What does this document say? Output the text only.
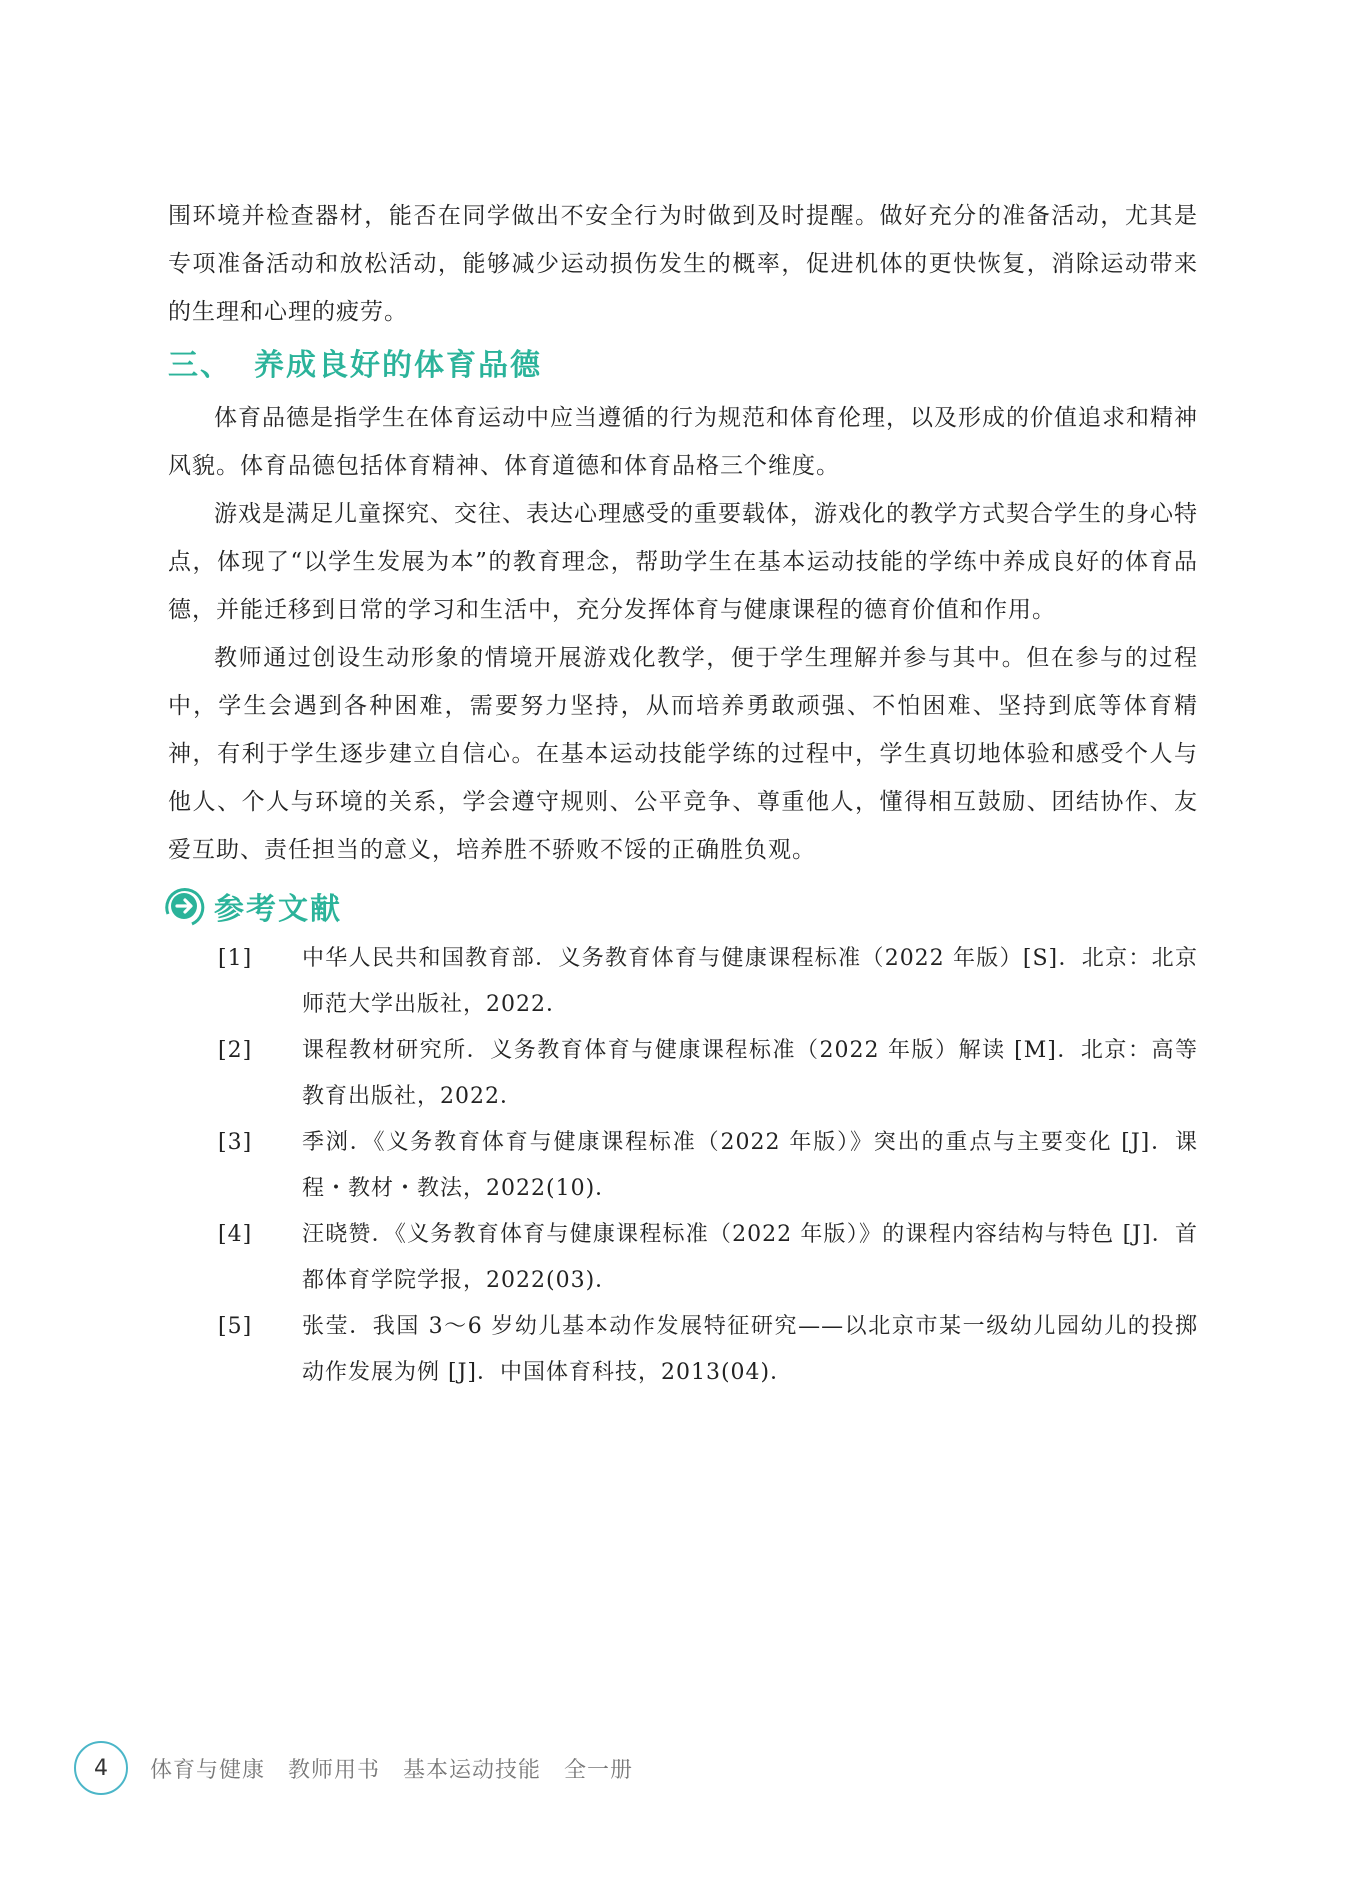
围环境并检查器材，能否在同学做出不安全行为时做到及时提醒。做好充分的准备活动，尤其是专项准备活动和放松活动，能够减少运动损伤发生的概率，促进机体的更快恢复，消除运动带来的生理和心理的疲劳。

三、 养成良好的体育品德

体育品德是指学生在体育运动中应当遵循的行为规范和体育伦理，以及形成的价值追求和精神风貌。体育品德包括体育精神、体育道德和体育品格三个维度。

游戏是满足儿童探究、交往、表达心理感受的重要载体，游戏化的教学方式契合学生的身心特点，体现了“以学生发展为本”的教育理念，帮助学生在基本运动技能的学练中养成良好的体育品德，并能迁移到日常的学习和生活中，充分发挥体育与健康课程的德育价值和作用。

教师通过创设生动形象的情境开展游戏化教学，便于学生理解并参与其中。但在参与的过程中，学生会遇到各种困难，需要努力坚持，从而培养勇敢顽强、不怕困难、坚持到底等体育精神，有利于学生逐步建立自信心。在基本运动技能学练的过程中，学生真切地体验和感受个人与他人、个人与环境的关系，学会遵守规则、公平竞争、尊重他人，懂得相互鼓励、团结协作、友爱互助、责任担当的意义，培养胜不骄败不馁的正确胜负观。

参考文献
[1]	中华人民共和国教育部．义务教育体育与健康课程标准（2022 年版）[S]．北京：北京师范大学出版社，2022．
[2]	课程教材研究所．义务教育体育与健康课程标准（2022 年版）解读 [M]．北京：高等教育出版社，2022．
[3]	季浏．《义务教育体育与健康课程标准（2022 年版）》突出的重点与主要变化 [J]．课程・教材・教法，2022(10)．
[4]	汪晓赞．《义务教育体育与健康课程标准（2022 年版）》的课程内容结构与特色 [J]．首都体育学院学报，2022(03)．
[5]	张莹．我国 3～6 岁幼儿基本动作发展特征研究——以北京市某一级幼儿园幼儿的投掷动作发展为例 [J]．中国体育科技，2013(04)．
4	体育与健康　教师用书　基本运动技能　全一册
